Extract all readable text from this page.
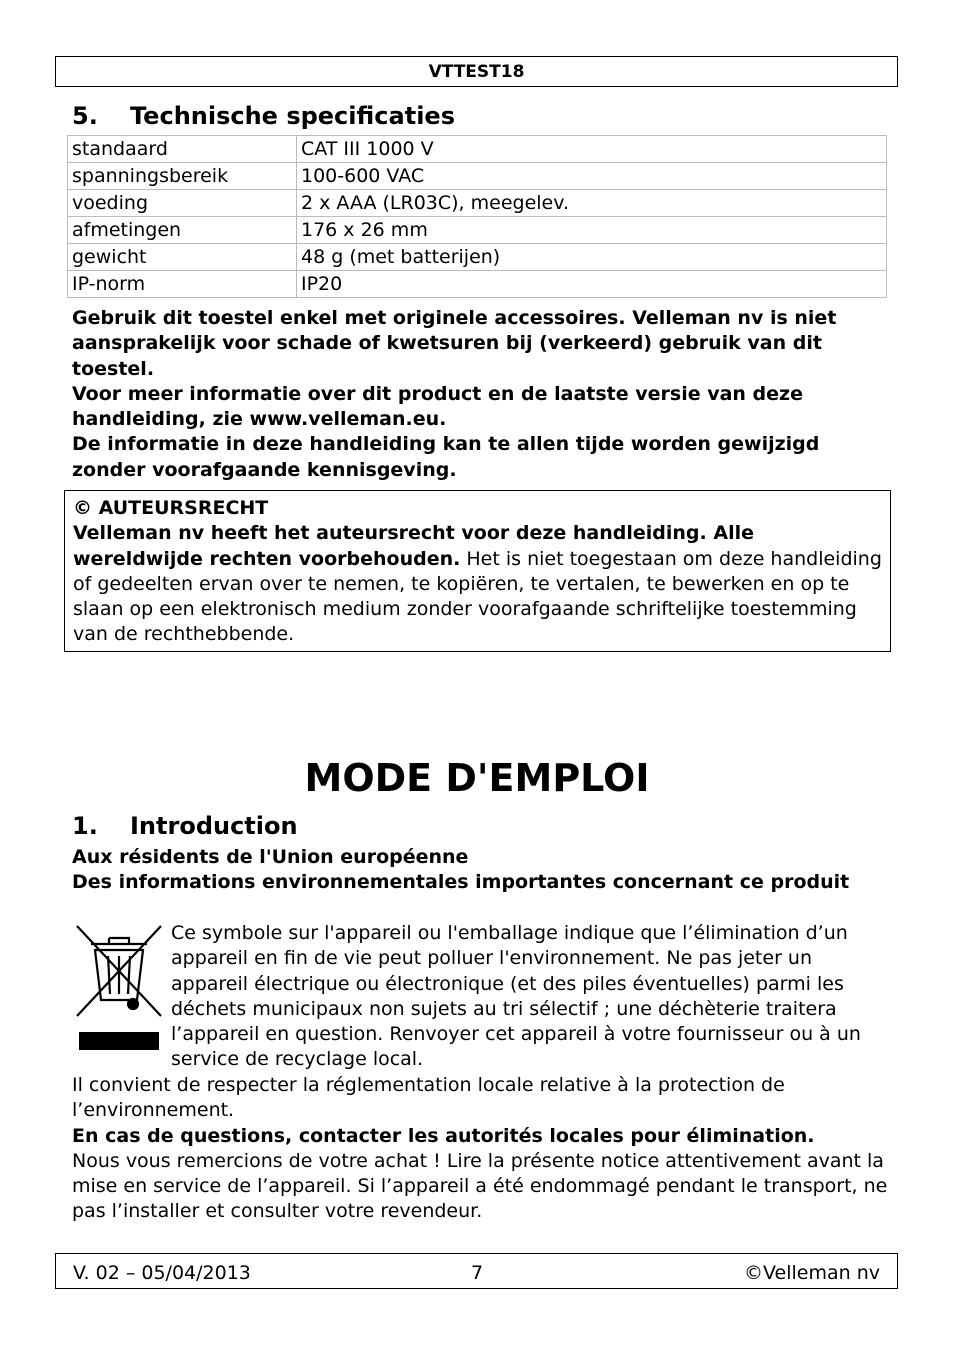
VTTEST18
5. Technische specificaties
standaard	CAT III 1000 V
spanningsbereik	100-600 VAC
voeding	2 x AAA (LR03C), meegelev.
afmetingen	176 x 26 mm
gewicht	48 g (met batterijen)
IP-norm	IP20
Gebruik dit toestel enkel met originele accessoires. Velleman nv is niet aansprakelijk voor schade of kwetsuren bij (verkeerd) gebruik van dit toestel.
Voor meer informatie over dit product en de laatste versie van deze handleiding, zie www.velleman.eu.
De informatie in deze handleiding kan te allen tijde worden gewijzigd zonder voorafgaande kennisgeving.
© AUTEURSRECHT
Velleman nv heeft het auteursrecht voor deze handleiding. Alle wereldwijde rechten voorbehouden. Het is niet toegestaan om deze handleiding of gedeelten ervan over te nemen, te kopiëren, te vertalen, te bewerken en op te slaan op een elektronisch medium zonder voorafgaande schriftelijke toestemming van de rechthebbende.
MODE D'EMPLOI
1. Introduction
Aux résidents de l'Union européenne
Des informations environnementales importantes concernant ce produit
Ce symbole sur l'appareil ou l'emballage indique que l’élimination d’un appareil en fin de vie peut polluer l'environnement. Ne pas jeter un appareil électrique ou électronique (et des piles éventuelles) parmi les déchets municipaux non sujets au tri sélectif ; une déchèterie traitera l’appareil en question. Renvoyer cet appareil à votre fournisseur ou à un service de recyclage local.
Il convient de respecter la réglementation locale relative à la protection de l’environnement.
En cas de questions, contacter les autorités locales pour élimination.
Nous vous remercions de votre achat ! Lire la présente notice attentivement avant la mise en service de l’appareil. Si l’appareil a été endommagé pendant le transport, ne pas l’installer et consulter votre revendeur.
V. 02 – 05/04/2013	7	©Velleman nv
